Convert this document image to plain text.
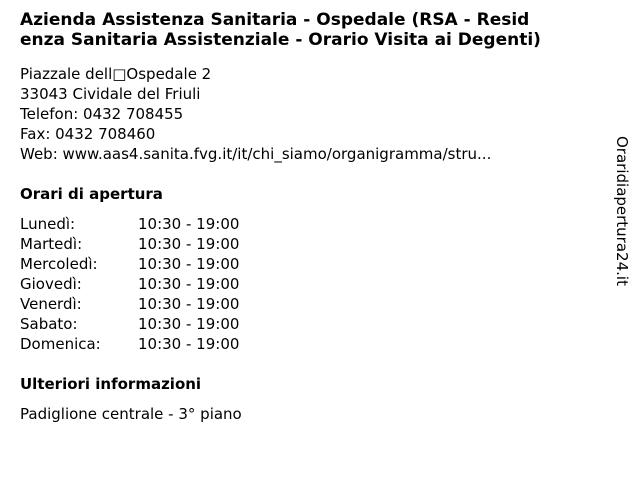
Azienda Assistenza Sanitaria - Ospedale (RSA - Resid
enza Sanitaria Assistenziale - Orario Visita ai Degenti)
Piazzale dell□Ospedale 2
33043 Cividale del Friuli
Telefon: 0432 708455
Fax: 0432 708460
Web: www.aas4.sanita.fvg.it/it/chi_siamo/organigramma/stru...
Orari di apertura
Lunedì:	10:30 - 19:00
Martedì:	10:30 - 19:00
Mercoledì:	10:30 - 19:00
Giovedì:	10:30 - 19:00
Venerdì:	10:30 - 19:00
Sabato:	10:30 - 19:00
Domenica:	10:30 - 19:00
Ulteriori informazioni
Padiglione centrale - 3° piano
Oraridiapertura24.it
